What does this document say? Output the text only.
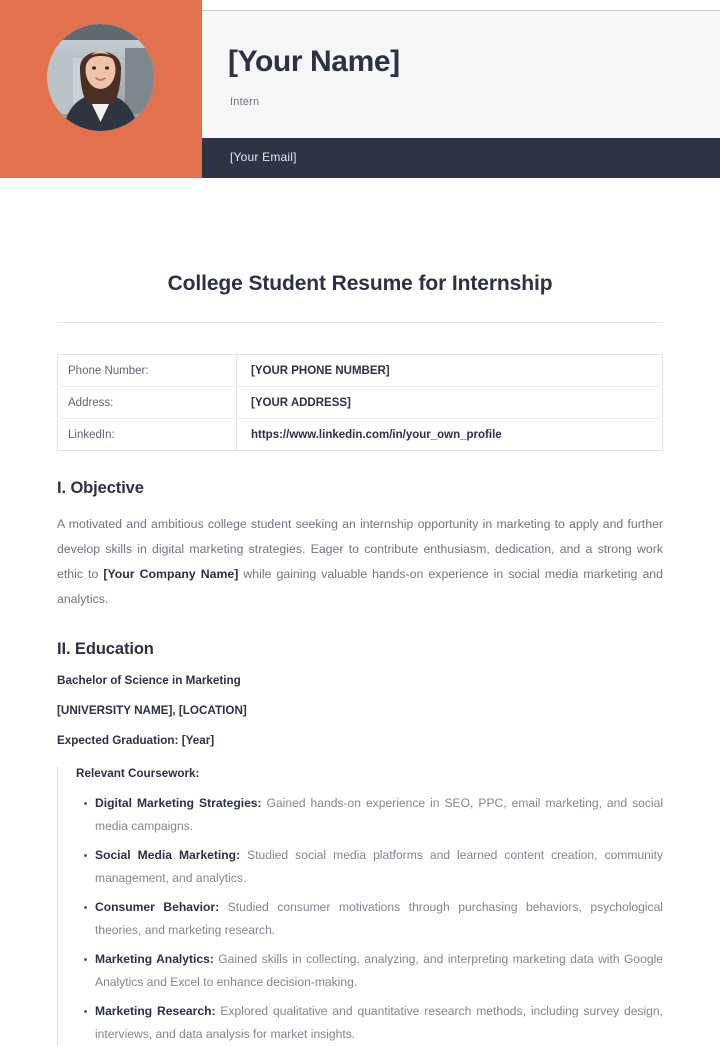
[Your Name]
Intern
[Your Email]
College Student Resume for Internship
Phone Number:	[YOUR PHONE NUMBER]
Address:	[YOUR ADDRESS]
LinkedIn:	https://www.linkedin.com/in/your_own_profile
I. Objective

A motivated and ambitious college student seeking an internship opportunity in marketing to apply and further develop skills in digital marketing strategies. Eager to contribute enthusiasm, dedication, and a strong work ethic to [Your Company Name] while gaining valuable hands-on experience in social media marketing and analytics.

II. Education
Bachelor of Science in Marketing
[UNIVERSITY NAME], [LOCATION]
Expected Graduation: [Year]
Relevant Coursework:
Digital Marketing Strategies: Gained hands-on experience in SEO, PPC, email marketing, and social media campaigns.
Social Media Marketing: Studied social media platforms and learned content creation, community management, and analytics.
Consumer Behavior: Studied consumer motivations through purchasing behaviors, psychological theories, and marketing research.
Marketing Analytics: Gained skills in collecting, analyzing, and interpreting marketing data with Google Analytics and Excel to enhance decision-making.
Marketing Research: Explored qualitative and quantitative research methods, including survey design, interviews, and data analysis for market insights.
